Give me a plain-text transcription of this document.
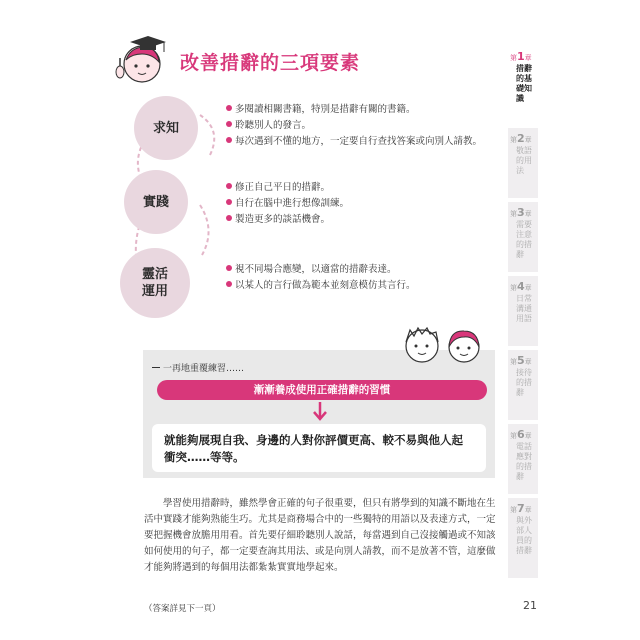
改善措辭的三項要素
求知
實踐
靈活
運用
多閱讀相關書籍，特別是措辭有關的書籍。
聆聽別人的發言。
每次遇到不懂的地方，一定要自行查找答案或向別人請教。
修正自己平日的措辭。
自行在腦中進行想像訓練。
製造更多的談話機會。
視不同場合應變，以適當的措辭表達。
以某人的言行做為範本並刻意模仿其言行。
一再地重覆練習……
漸漸養成使用正確措辭的習慣
就能夠展現自我、身邊的人對你評價更高、較不易與他人起衝突……等等。
學習使用措辭時，雖然學會正確的句子很重要，但只有將學到的知識不斷地在生活中實踐才能夠熟能生巧。尤其是商務場合中的一些獨特的用語以及表達方式，一定要把握機會放膽用用看。首先要仔細聆聽別人說話，每當遇到自己沒接觸過或不知該如何使用的句子，都一定要查詢其用法、或是向別人請教，而不是放著不管，這麼做才能夠將遇到的每個用法都紮紮實實地學起來。
（答案詳見下一頁）	21
第1章
措辭的基礎知識
第2章
敬語的用法
第3章
需要注意的措辭
第4章
日常溝通用語
第5章
接待的措辭
第6章
電話應對的措辭
第7章
與外部人員的措辭
